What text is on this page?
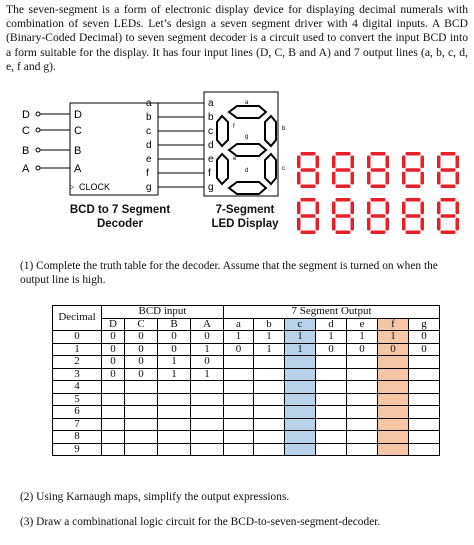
The seven-segment is a form of electronic display device for displaying decimal numerals with combination of seven LEDs. Let’s design a seven segment driver with 4 digital inputs. A BCD (Binary-Coded Decimal) to seven segment decoder is a circuit used to convert the input BCD into a form suitable for the display. It has four input lines (D, C, B and A) and 7 output lines (a, b, c, d, e, f and g).
D
C
B
A
D
C
B
A
CLOCK
>
a
b
c
d
e
f
g
a
b
c
d
e
f
g
a
b
c
d
e
f
g
BCD to 7 Segment
Decoder
7-Segment
LED Display
(1) Complete the truth table for the decoder. Assume that the segment is turned on when the output line is high.
Decimal	BCD input				7 Segment Output						
	D	C	B	A	a	b	c	d	e	f	g
0	0	0	0	0	1	1	1	1	1	1	0
1	0	0	0	1	0	1	1	0	0	0	0
2	0	0	1	0							
3	0	0	1	1							
4											
5											
6											
7											
8											
9											
(2) Using Karnaugh maps, simplify the output expressions.
(3) Draw a combinational logic circuit for the BCD-to-seven-segment-decoder.
